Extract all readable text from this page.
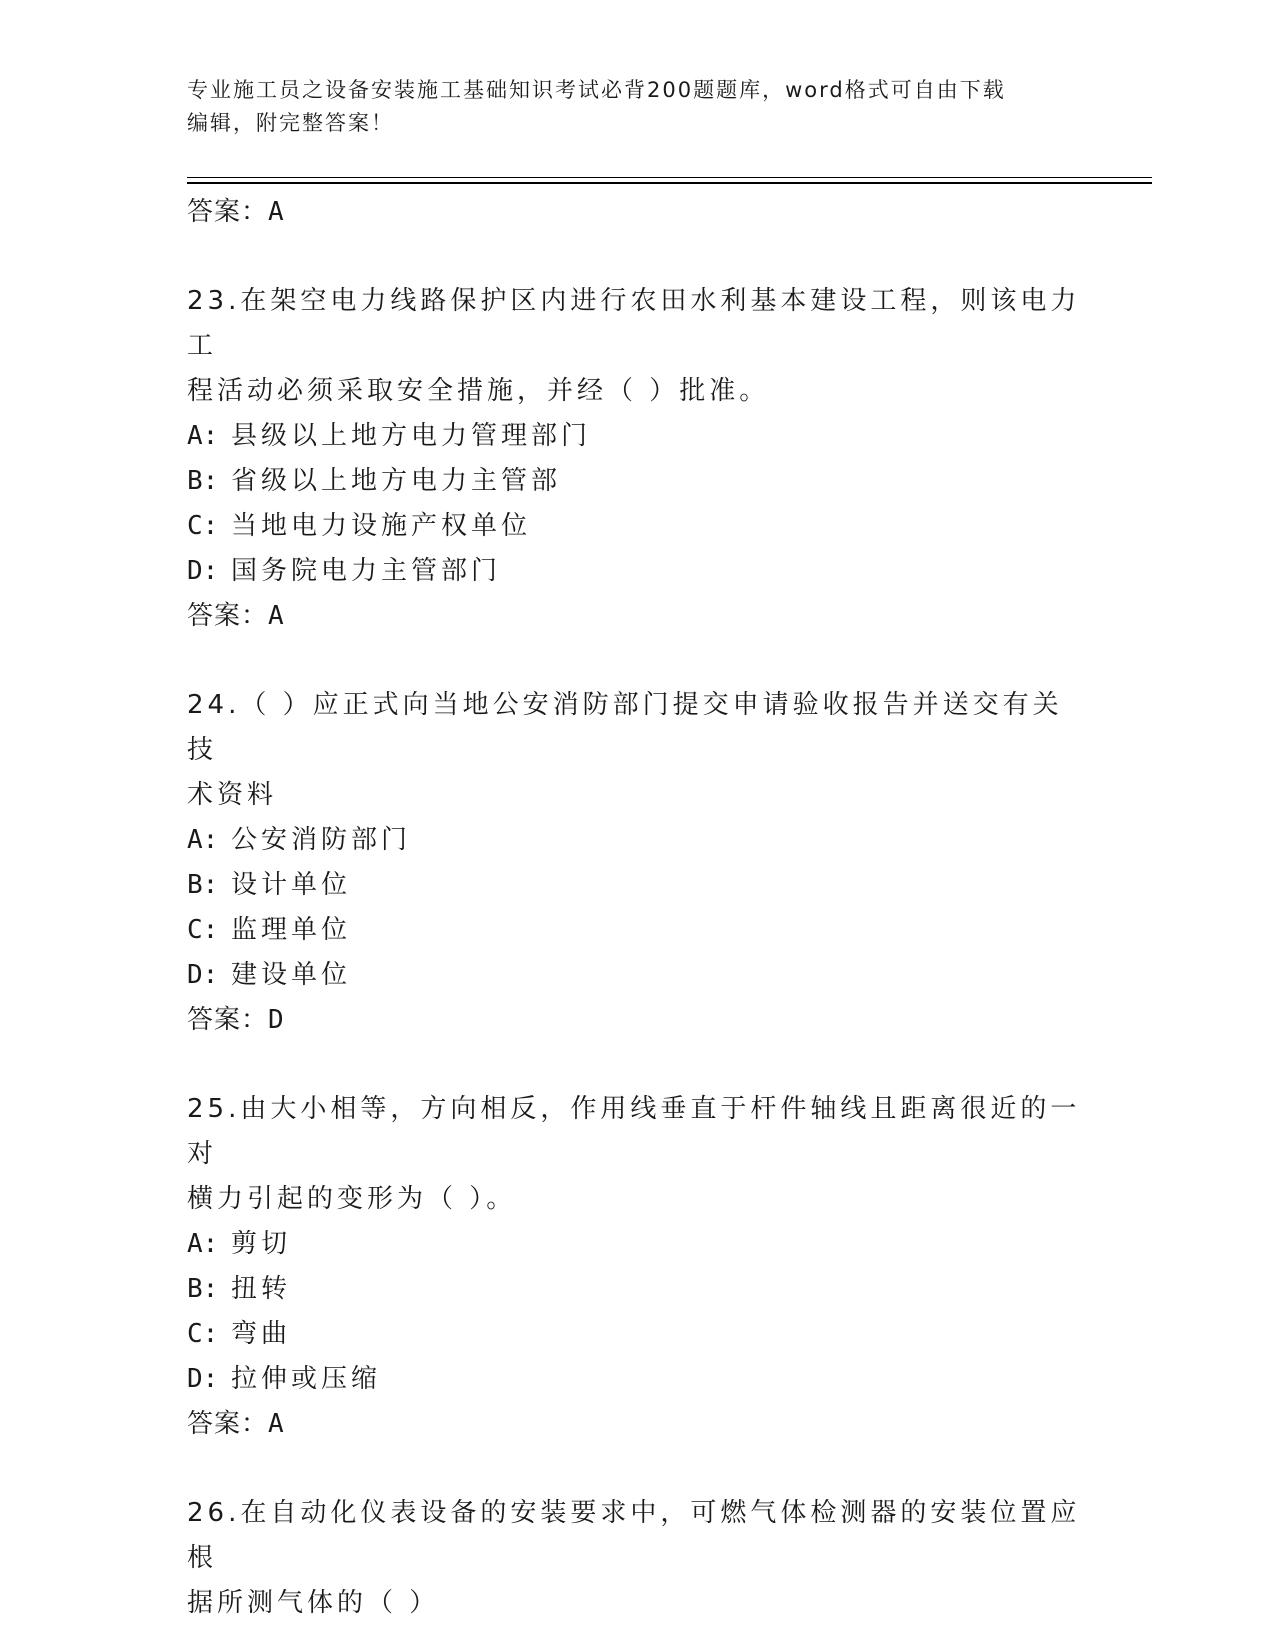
专业施工员之设备安装施工基础知识考试必背200题题库，word格式可自由下载
编辑，附完整答案！
答案：A
23.在架空电力线路保护区内进行农田水利基本建设工程，则该电力工
程活动必须采取安全措施，并经（ ）批准。
A: 县级以上地方电力管理部门
B: 省级以上地方电力主管部
C: 当地电力设施产权单位
D: 国务院电力主管部门
答案：A
24.（ ）应正式向当地公安消防部门提交申请验收报告并送交有关技
术资料
A: 公安消防部门
B: 设计单位
C: 监理单位
D: 建设单位
答案：D
25.由大小相等，方向相反，作用线垂直于杆件轴线且距离很近的一对
横力引起的变形为（ ）。
A: 剪切
B: 扭转
C: 弯曲
D: 拉伸或压缩
答案：A
26.在自动化仪表设备的安装要求中，可燃气体检测器的安装位置应根
据所测气体的（ ）
